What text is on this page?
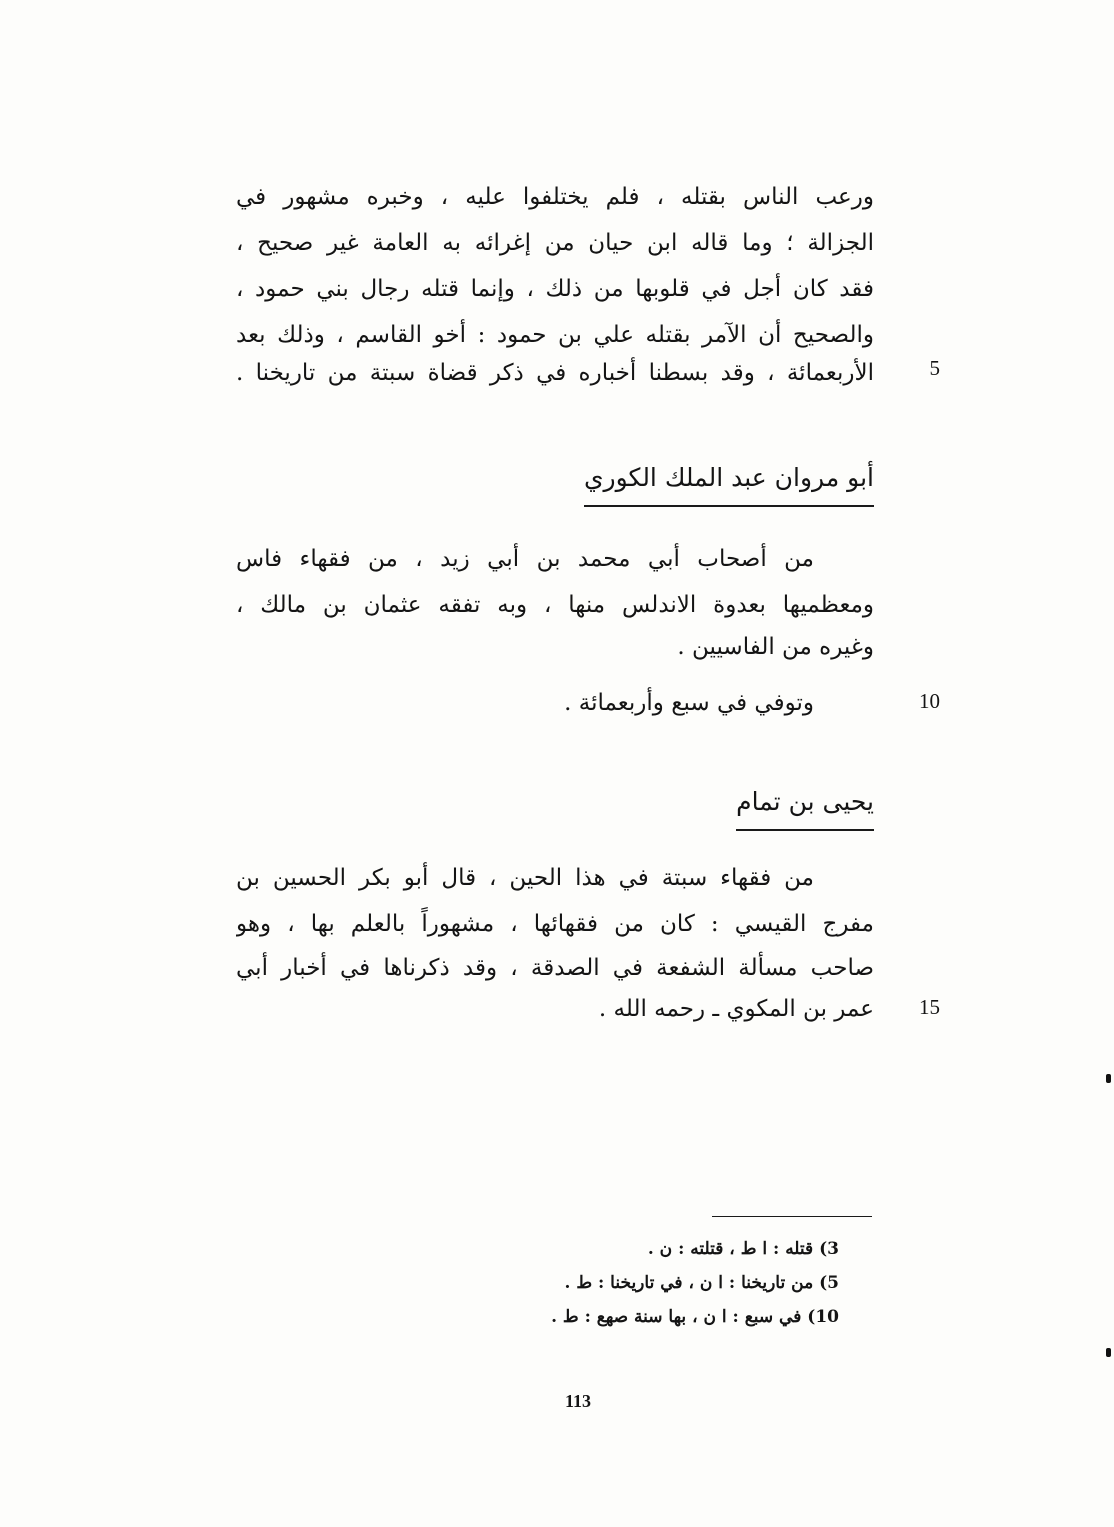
ورعب الناس بقتله ، فلم يختلفوا عليه ، وخبره مشهور في
الجزالة ؛ وما قاله ابن حيان من إغرائه به العامة غير صحيح ،
فقد كان أجل في قلوبها من ذلك ، وإنما قتله رجال بني حمود ،
والصحيح أن الآمر بقتله علي بن حمود : أخو القاسم ، وذلك بعد
الأربعمائة ، وقد بسطنا أخباره في ذكر قضاة سبتة من تاريخنا .	5
أبو مروان عبد الملك الكوري
من أصحاب أبي محمد بن أبي زيد ، من فقهاء فاس
ومعظميها بعدوة الاندلس منها ، وبه تفقه عثمان بن مالك ،
وغيره من الفاسيين .
وتوفي في سبع وأربعمائة .	10
يحيى بن تمام
من فقهاء سبتة في هذا الحين ، قال أبو بكر الحسين بن
مفرج القيسي : كان من فقهائها ، مشهوراً بالعلم بها ، وهو
صاحب مسألة الشفعة في الصدقة ، وقد ذكرناها في أخبار أبي
عمر بن المكوي ـ رحمه الله .	15
3) قتله : ا ط ، قتلته : ن .
5) من تاريخنا : ا ن ، في تاريخنا : ط .
10) في سبع : ا ن ، بها سنة صهع : ط .
113
